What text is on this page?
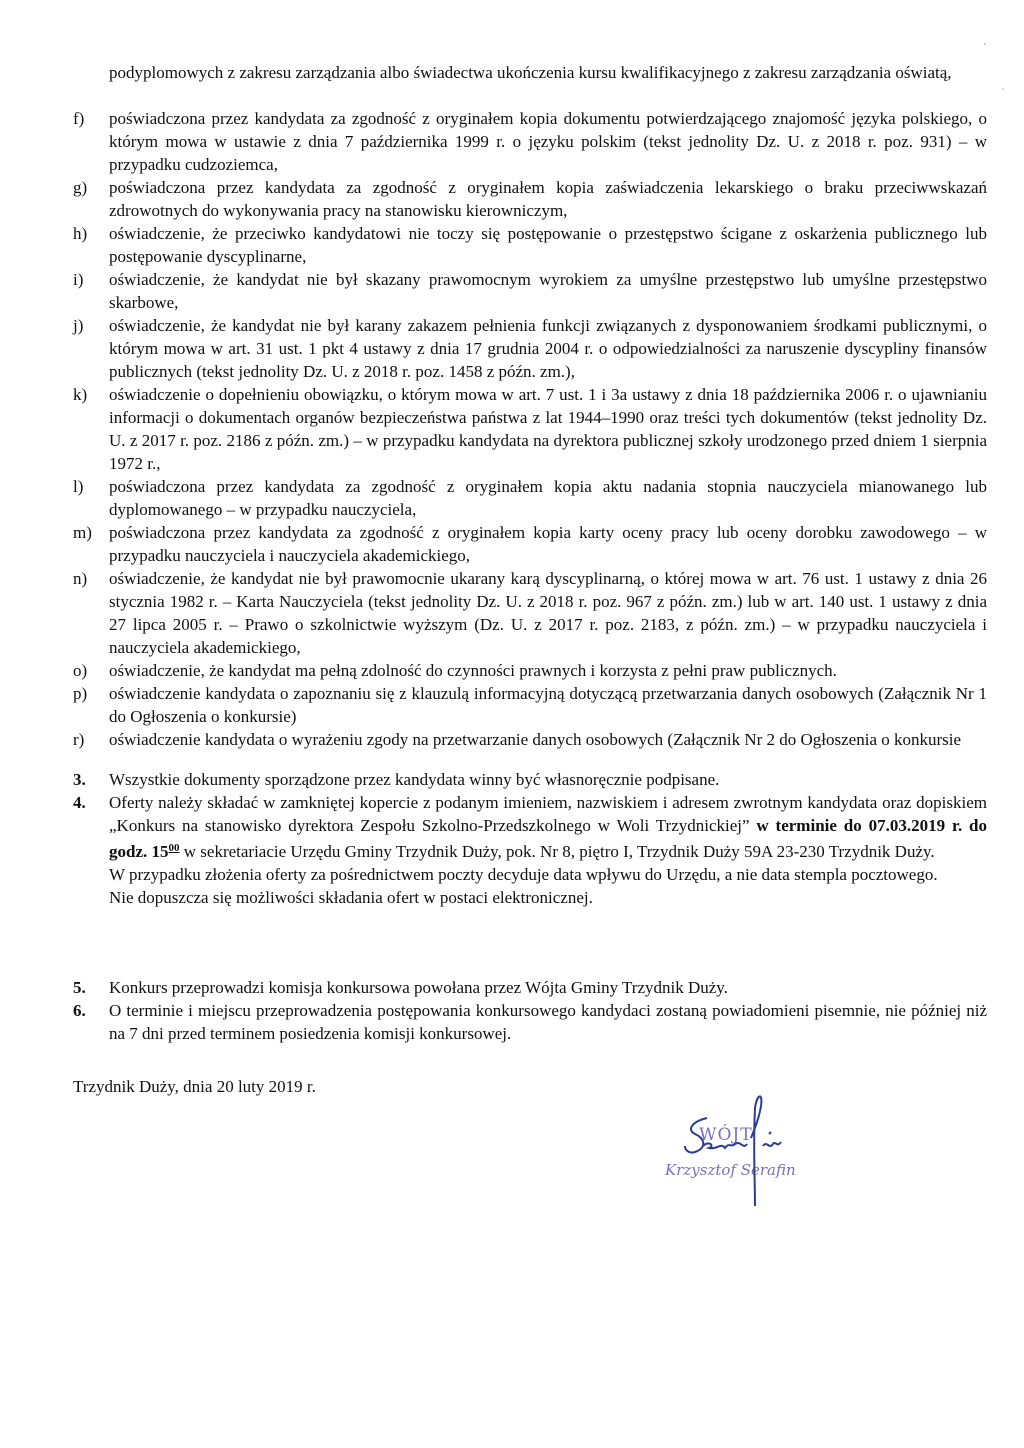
podyplomowych z zakresu zarządzania albo świadectwa ukończenia kursu kwalifikacyjnego z zakresu zarządzania oświatą,
f)	poświadczona przez kandydata za zgodność z oryginałem kopia dokumentu potwierdzającego znajomość języka polskiego, o którym mowa w ustawie z dnia 7 października 1999 r. o języku polskim (tekst jednolity Dz. U. z 2018 r. poz. 931) – w przypadku cudzoziemca,
g)	poświadczona przez kandydata za zgodność z oryginałem kopia zaświadczenia lekarskiego o braku przeciwwskazań zdrowotnych do wykonywania pracy na stanowisku kierowniczym,
h)	oświadczenie, że przeciwko kandydatowi nie toczy się postępowanie o przestępstwo ścigane z oskarżenia publicznego lub postępowanie dyscyplinarne,
i)	oświadczenie, że kandydat nie był skazany prawomocnym wyrokiem za umyślne przestępstwo lub umyślne przestępstwo skarbowe,
j)	oświadczenie, że kandydat nie był karany zakazem pełnienia funkcji związanych z dysponowaniem środkami publicznymi, o którym mowa w art. 31 ust. 1 pkt 4 ustawy z dnia 17 grudnia 2004 r. o odpowiedzialności za naruszenie dyscypliny finansów publicznych (tekst jednolity Dz. U. z 2018 r. poz. 1458 z późn. zm.),
k)	oświadczenie o dopełnieniu obowiązku, o którym mowa w art. 7 ust. 1 i 3a ustawy z dnia 18 października 2006 r. o ujawnianiu informacji o dokumentach organów bezpieczeństwa państwa z lat 1944–1990 oraz treści tych dokumentów (tekst jednolity Dz. U. z 2017 r. poz. 2186 z późn. zm.) – w przypadku kandydata na dyrektora publicznej szkoły urodzonego przed dniem 1 sierpnia 1972 r.,
l)	poświadczona przez kandydata za zgodność z oryginałem kopia aktu nadania stopnia nauczyciela mianowanego lub dyplomowanego – w przypadku nauczyciela,
m)	poświadczona przez kandydata za zgodność z oryginałem kopia karty oceny pracy lub oceny dorobku zawodowego – w przypadku nauczyciela i nauczyciela akademickiego,
n)	oświadczenie, że kandydat nie był prawomocnie ukarany karą dyscyplinarną, o której mowa w art. 76 ust. 1 ustawy z dnia 26 stycznia 1982 r. – Karta Nauczyciela (tekst jednolity Dz. U. z 2018 r. poz. 967 z późn. zm.) lub w art. 140 ust. 1 ustawy z dnia 27 lipca 2005 r. – Prawo o szkolnictwie wyższym (Dz. U. z 2017 r. poz. 2183, z późn. zm.) – w przypadku nauczyciela i nauczyciela akademickiego,
o)	oświadczenie, że kandydat ma pełną zdolność do czynności prawnych i korzysta z pełni praw publicznych.
p)	oświadczenie kandydata o zapoznaniu się z klauzulą informacyjną dotyczącą przetwarzania danych osobowych (Załącznik Nr 1 do Ogłoszenia o konkursie)
r)	oświadczenie kandydata o wyrażeniu zgody na przetwarzanie danych osobowych (Załącznik Nr 2 do Ogłoszenia o konkursie
3.	Wszystkie dokumenty sporządzone przez kandydata winny być własnoręcznie podpisane.
4.	Oferty należy składać w zamkniętej kopercie z podanym imieniem, nazwiskiem i adresem zwrotnym kandydata oraz dopiskiem „Konkurs na stanowisko dyrektora Zespołu Szkolno-Przedszkolnego w Woli Trzydnickiej” w terminie do 07.03.2019 r. do godz. $15^{00}$ w sekretariacie Urzędu Gminy Trzydnik Duży, pok. Nr 8, piętro I, Trzydnik Duży 59A 23-230 Trzydnik Duży.
W przypadku złożenia oferty za pośrednictwem poczty decyduje data wpływu do Urzędu, a nie data stempla pocztowego.
Nie dopuszcza się możliwości składania ofert w postaci elektronicznej.
5.	Konkurs przeprowadzi komisja konkursowa powołana przez Wójta Gminy Trzydnik Duży.
6.	O terminie i miejscu przeprowadzenia postępowania konkursowego kandydaci zostaną powiadomieni pisemnie, nie później niż na 7 dni przed terminem posiedzenia komisji konkursowej.
Trzydnik Duży, dnia 20 luty 2019 r.
WÓJT
Krzysztof Serafin
